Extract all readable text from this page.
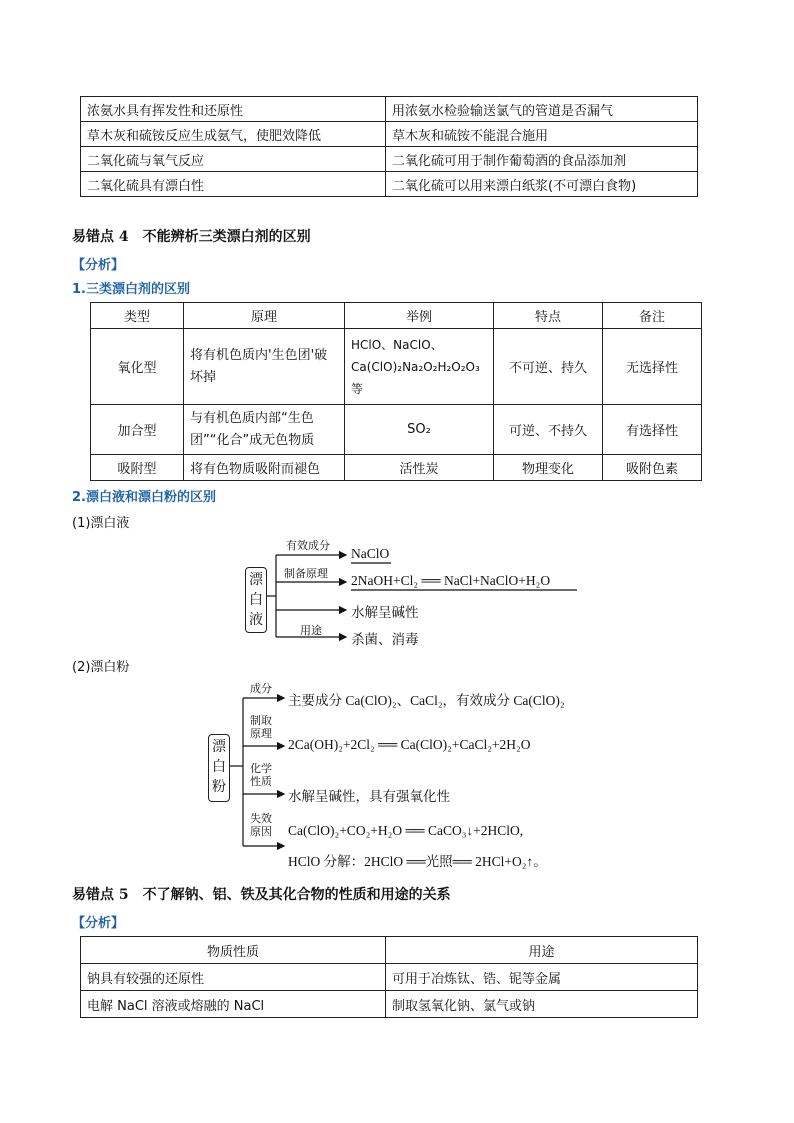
浓氨水具有挥发性和还原性	用浓氨水检验输送氯气的管道是否漏气
草木灰和硫铵反应生成氨气，使肥效降低	草木灰和硫铵不能混合施用
二氧化硫与氧气反应	二氧化硫可用于制作葡萄酒的食品添加剂
二氧化硫具有漂白性	二氧化硫可以用来漂白纸浆(不可漂白食物)
易错点 4　不能辨析三类漂白剂的区别
【分析】
1.三类漂白剂的区别
类型	原理	举例	特点	备注
氧化型	将有机色质内'生色团'破坏掉	HClO、NaClO、Ca(ClO)₂Na₂O₂H₂O₂O₃等	不可逆、持久	无选择性
加合型	与有机色质内部“生色团”“化合”成无色物质	SO₂	可逆、不持久	有选择性
吸附型	将有色物质吸附而褪色	活性炭	物理变化	吸附色素
2.漂白液和漂白粉的区别
(1)漂白液
漂
白
液
有效成分
制备原理
用途
NaClO
2NaOH+Cl₂ ══ NaCl+NaClO+H₂O
水解呈碱性
杀菌、消毒
(2)漂白粉
漂
白
粉
成分
制取原理
化学性质
失效原因
主要成分 Ca(ClO)₂、CaCl₂，有效成分 Ca(ClO)₂
2Ca(OH)₂+2Cl₂ ══ Ca(ClO)₂+CaCl₂+2H₂O
水解呈碱性，具有强氧化性
Ca(ClO)₂+CO₂+H₂O ══ CaCO₃↓+2HClO,
HClO 分解：2HClO ══光照══ 2HCl+O₂↑。
易错点 5　不了解钠、铝、铁及其化合物的性质和用途的关系
【分析】
物质性质	用途
钠具有较强的还原性	可用于冶炼钛、锆、铌等金属
电解 NaCl 溶液或熔融的 NaCl	制取氢氧化钠、氯气或钠
